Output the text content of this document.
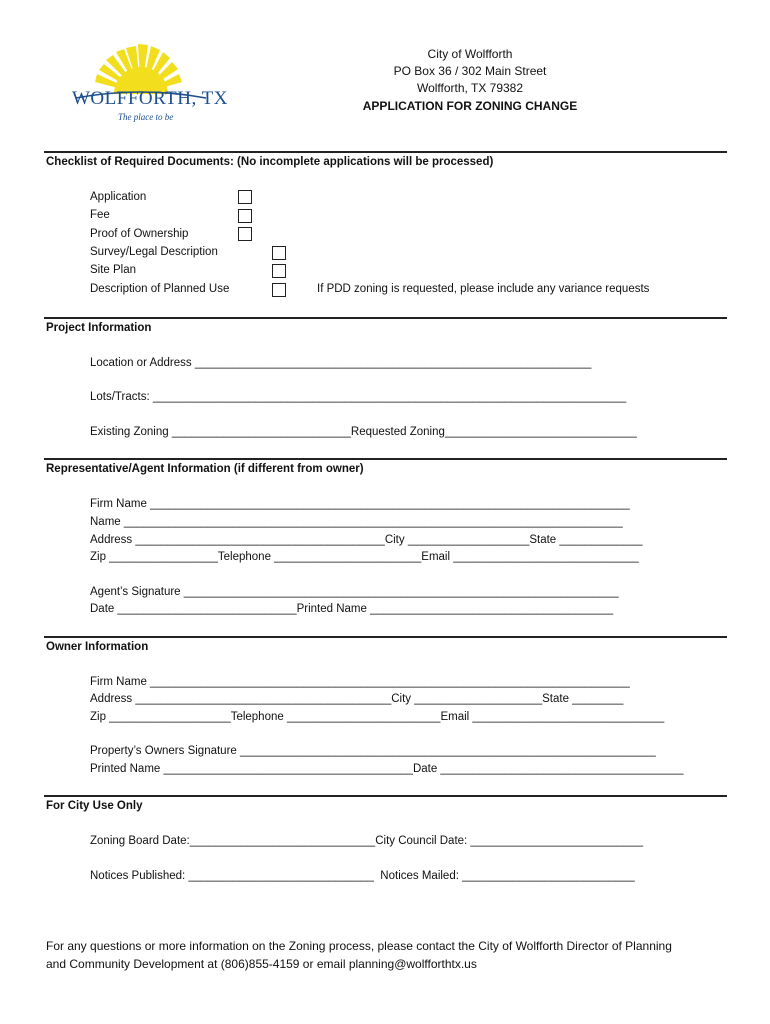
WOLFFORTH, TX
The place to be
City of Wolfforth
PO Box 36 / 302 Main Street
Wolfforth, TX 79382
APPLICATION FOR ZONING CHANGE
Checklist of Required Documents: (No incomplete applications will be processed)
Application
Fee
Proof of Ownership
Survey/Legal Description
Site Plan
Description of Planned Use	If PDD zoning is requested, please include any variance requests
Project Information
Location or Address ______________________________________________________________
Lots/Tracts: __________________________________________________________________________
Existing Zoning ____________________________Requested Zoning______________________________
Representative/Agent Information (if different from owner)
Firm Name ___________________________________________________________________________
Name ______________________________________________________________________________
Address _______________________________________City ___________________State _____________
Zip _________________Telephone _______________________Email _____________________________
Agent’s Signature ____________________________________________________________________
Date ____________________________Printed Name ______________________________________
Owner Information
Firm Name ___________________________________________________________________________
Address ________________________________________City ____________________State ________
Zip ___________________Telephone ________________________Email ______________________________
Property’s Owners Signature _________________________________________________________________
Printed Name _______________________________________Date ______________________________________
For City Use Only
Zoning Board Date:_____________________________City Council Date: ___________________________
Notices Published: _____________________________  Notices Mailed: ___________________________
For any questions or more information on the Zoning process, please contact the City of Wolfforth Director of Planning
and Community Development at (806)855-4159 or email planning@wolfforthtx.us
